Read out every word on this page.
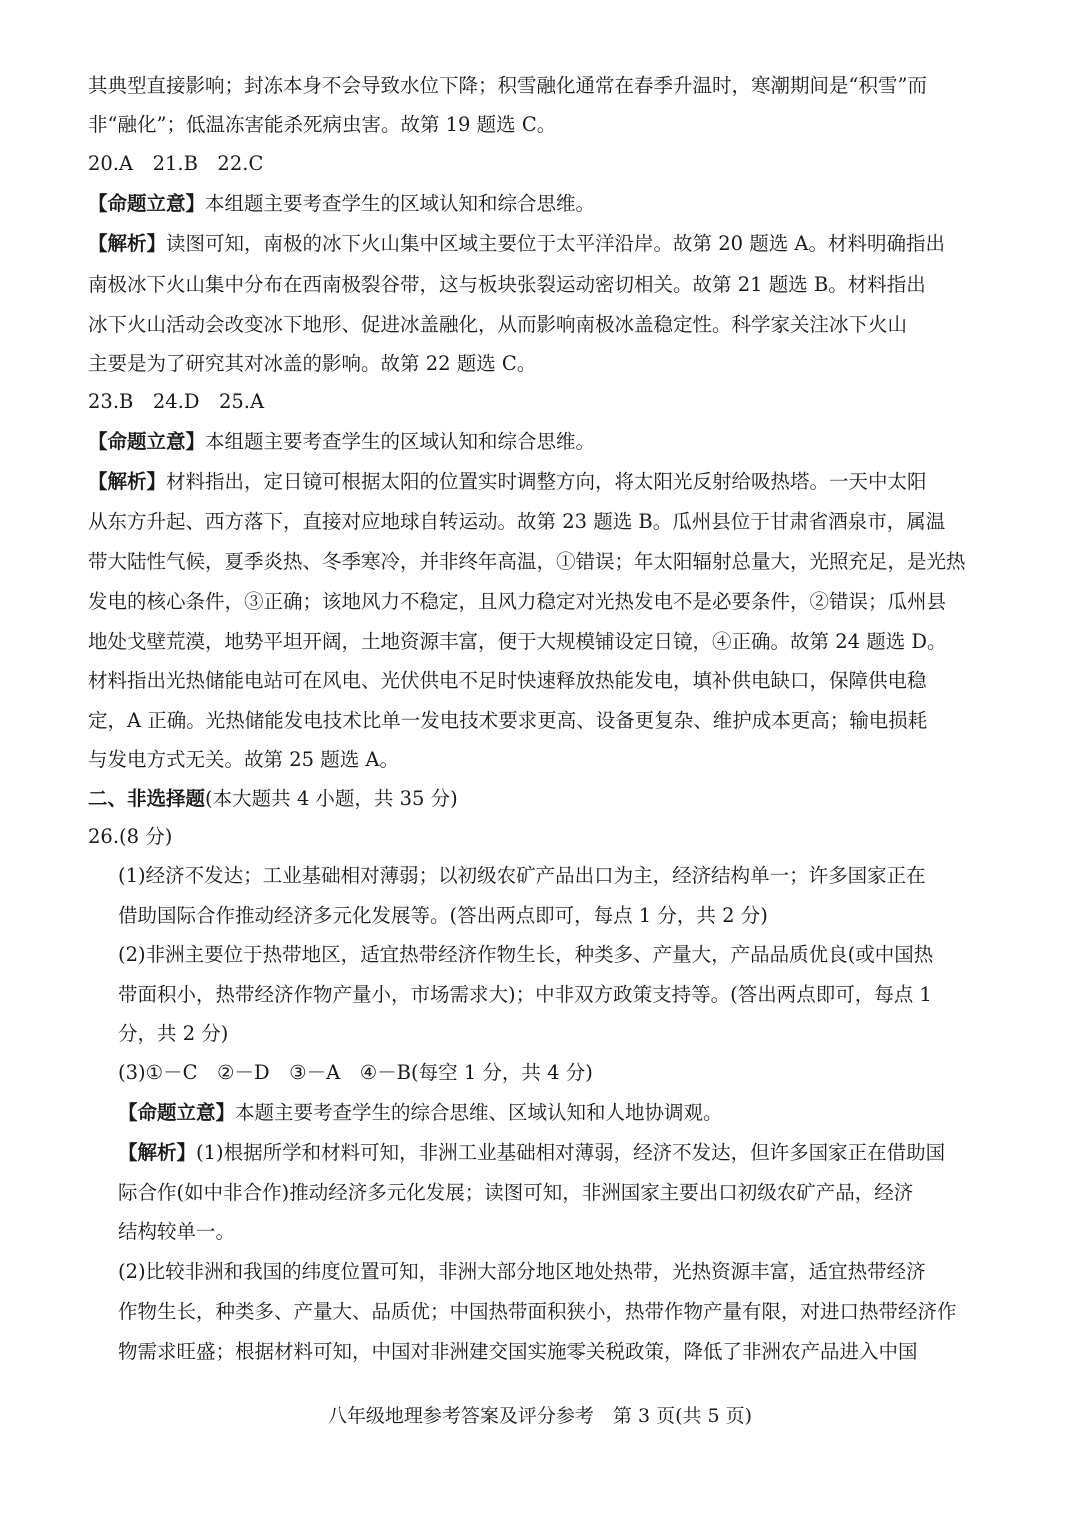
其典型直接影响；封冻本身不会导致水位下降；积雪融化通常在春季升温时，寒潮期间是“积雪”而
非“融化”；低温冻害能杀死病虫害。故第 19 题选 C。
20.A　21.B　22.C
【命题立意】本组题主要考查学生的区域认知和综合思维。
【解析】读图可知，南极的冰下火山集中区域主要位于太平洋沿岸。故第 20 题选 A。材料明确指出
南极冰下火山集中分布在西南极裂谷带，这与板块张裂运动密切相关。故第 21 题选 B。材料指出
冰下火山活动会改变冰下地形、促进冰盖融化，从而影响南极冰盖稳定性。科学家关注冰下火山
主要是为了研究其对冰盖的影响。故第 22 题选 C。
23.B　24.D　25.A
【命题立意】本组题主要考查学生的区域认知和综合思维。
【解析】材料指出，定日镜可根据太阳的位置实时调整方向，将太阳光反射给吸热塔。一天中太阳
从东方升起、西方落下，直接对应地球自转运动。故第 23 题选 B。瓜州县位于甘肃省酒泉市，属温
带大陆性气候，夏季炎热、冬季寒冷，并非终年高温，①错误；年太阳辐射总量大，光照充足，是光热
发电的核心条件，③正确；该地风力不稳定，且风力稳定对光热发电不是必要条件，②错误；瓜州县
地处戈壁荒漠，地势平坦开阔，土地资源丰富，便于大规模铺设定日镜，④正确。故第 24 题选 D。
材料指出光热储能电站可在风电、光伏供电不足时快速释放热能发电，填补供电缺口，保障供电稳
定，A 正确。光热储能发电技术比单一发电技术要求更高、设备更复杂、维护成本更高；输电损耗
与发电方式无关。故第 25 题选 A。
二、非选择题(本大题共 4 小题，共 35 分)
26.(8 分)
(1)经济不发达；工业基础相对薄弱；以初级农矿产品出口为主，经济结构单一；许多国家正在
借助国际合作推动经济多元化发展等。(答出两点即可，每点 1 分，共 2 分)
(2)非洲主要位于热带地区，适宜热带经济作物生长，种类多、产量大，产品品质优良(或中国热
带面积小，热带经济作物产量小，市场需求大)；中非双方政策支持等。(答出两点即可，每点 1
分，共 2 分)
(3)①－C　②－D　③－A　④－B(每空 1 分，共 4 分)
【命题立意】本题主要考查学生的综合思维、区域认知和人地协调观。
【解析】(1)根据所学和材料可知，非洲工业基础相对薄弱，经济不发达，但许多国家正在借助国
际合作(如中非合作)推动经济多元化发展；读图可知，非洲国家主要出口初级农矿产品，经济
结构较单一。
(2)比较非洲和我国的纬度位置可知，非洲大部分地区地处热带，光热资源丰富，适宜热带经济
作物生长，种类多、产量大、品质优；中国热带面积狭小，热带作物产量有限，对进口热带经济作
物需求旺盛；根据材料可知，中国对非洲建交国实施零关税政策，降低了非洲农产品进入中国
八年级地理参考答案及评分参考　第 3 页(共 5 页)
